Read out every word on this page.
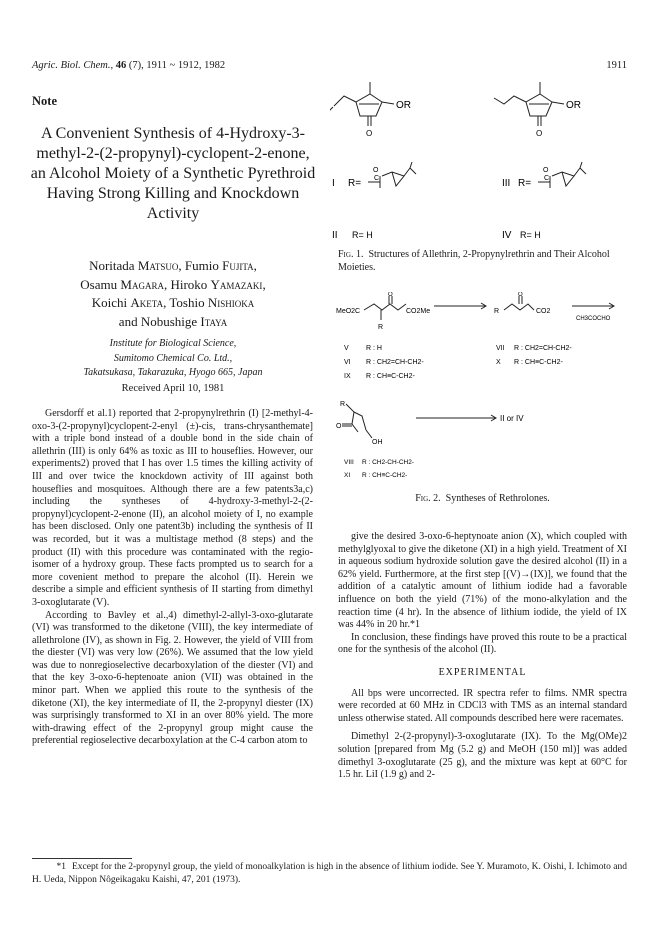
Agric. Biol. Chem., 46 (7), 1911 ~ 1912, 1982	1911
Note
A Convenient Synthesis of 4-Hydroxy-3-methyl-2-(2-propynyl)-cyclopent-2-enone, an Alcohol Moiety of a Synthetic Pyrethroid Having Strong Killing and Knockdown Activity
Noritada Matsuo, Fumio Fujita,
Osamu Magara, Hiroko Yamazaki,
Koichi Aketa, Toshio Nishioka
and Nobushige Itaya
Institute for Biological Science,
Sumitomo Chemical Co. Ltd.,
Takatsukasa, Takarazuka, Hyogo 665, Japan
Received April 10, 1981

Gersdorff et al.1) reported that 2-propynylrethrin (I) [2-methyl-4-oxo-3-(2-propynyl)cyclopent-2-enyl (±)-cis, trans-chrysanthemate] with a triple bond instead of a double bond in the side chain of allethrin (III) is only 64% as toxic as III to houseflies. However, our experiments2) proved that I has over 1.5 times the killing activity of III and over twice the knockdown activity of III against both houseflies and mosquitoes. Although there are a few patents3a,c) including the syntheses of 4-hydroxy-3-methyl-2-(2-propynyl)cyclopent-2-enone (II), an alcohol moiety of I, no example has been disclosed. Only one patent3b) including the synthesis of II was recorded, but it was a multistage method (8 steps) and the product (II) with this procedure was contaminated with the regio-isomer of a hydroxy group. These facts prompted us to search for a more covenient method to prepare the alcohol (II). Herein we describe a simple and efficient synthesis of II starting from dimethyl 3-oxoglutarate (V).

According to Bavley et al.,4) dimethyl-2-allyl-3-oxo-glutarate (VI) was transformed to the diketone (VIII), the key intermediate of allethrolone (IV), as shown in Fig. 2. However, the yield of VIII from the diester (VI) was very low (26%). We assumed that the low yield was due to nonregioselective decarboxylation of the diester (VI) and that the key 3-oxo-6-heptenoate anion (VII) was obtained in the minor part. When we applied this route to the synthesis of the diketone (XI), the key intermediate of II, the 2-propynyl diester (IX) was surprisingly transformed to XI in an over 80% yield. The more with-drawing effect of the 2-propynyl group might cause the preferential regioselective decarboxylation at the C-4 carbon atom to

OR
O
OR
O
I R= C
O
III R= C
O
II R= H	IV R= H
Fig. 1. Structures of Allethrin, 2-Propynylrethrin and Their Alcohol Moieties.
MeO2C	CO2Me
O
R
R
O
CO2
CH3COCHO
V R : H
VI R : CH2=CH-CH2-
IX R : CH≡C-CH2-
VII R : CH2=CH-CH2-
X R : CH≡C-CH2-
R
O
OH
II or IV
VIII R : CH2-CH-CH2-
XI R : CH≡C-CH2-
Fig. 2. Syntheses of Rethrolones.

give the desired 3-oxo-6-heptynoate anion (X), which coupled with methylglyoxal to give the diketone (XI) in a high yield. Treatment of XI in aqueous sodium hydroxide solution gave the desired alcohol (II) in a 62% yield. Furthermore, at the first step [(V)→(IX)], we found that the addition of a catalytic amount of lithium iodide had a favorable influence on both the yield (71%) of the mono-alkylation and the reaction time (4 hr). In the absence of lithium iodide, the yield of IX was 44% in 20 hr.*1

In conclusion, these findings have proved this route to be a practical one for the synthesis of the alcohol (II).

EXPERIMENTAL

All bps were uncorrected. IR spectra refer to films. NMR spectra were recorded at 60 MHz in CDCl3 with TMS as an internal standard unless otherwise stated. All compounds described here were racemates.

Dimethyl 2-(2-propynyl)-3-oxoglutarate (IX). To the Mg(OMe)2 solution [prepared from Mg (5.2 g) and MeOH (150 ml)] was added dimethyl 3-oxoglutarate (25 g), and the mixture was kept at 60°C for 1.5 hr. LiI (1.9 g) and 2-

*1 Except for the 2-propynyl group, the yield of monoalkylation is high in the absence of lithium iodide. See Y. Muramoto, K. Oishi, I. Ichimoto and H. Ueda, Nippon Nôgeikagaku Kaishi, 47, 201 (1973).
